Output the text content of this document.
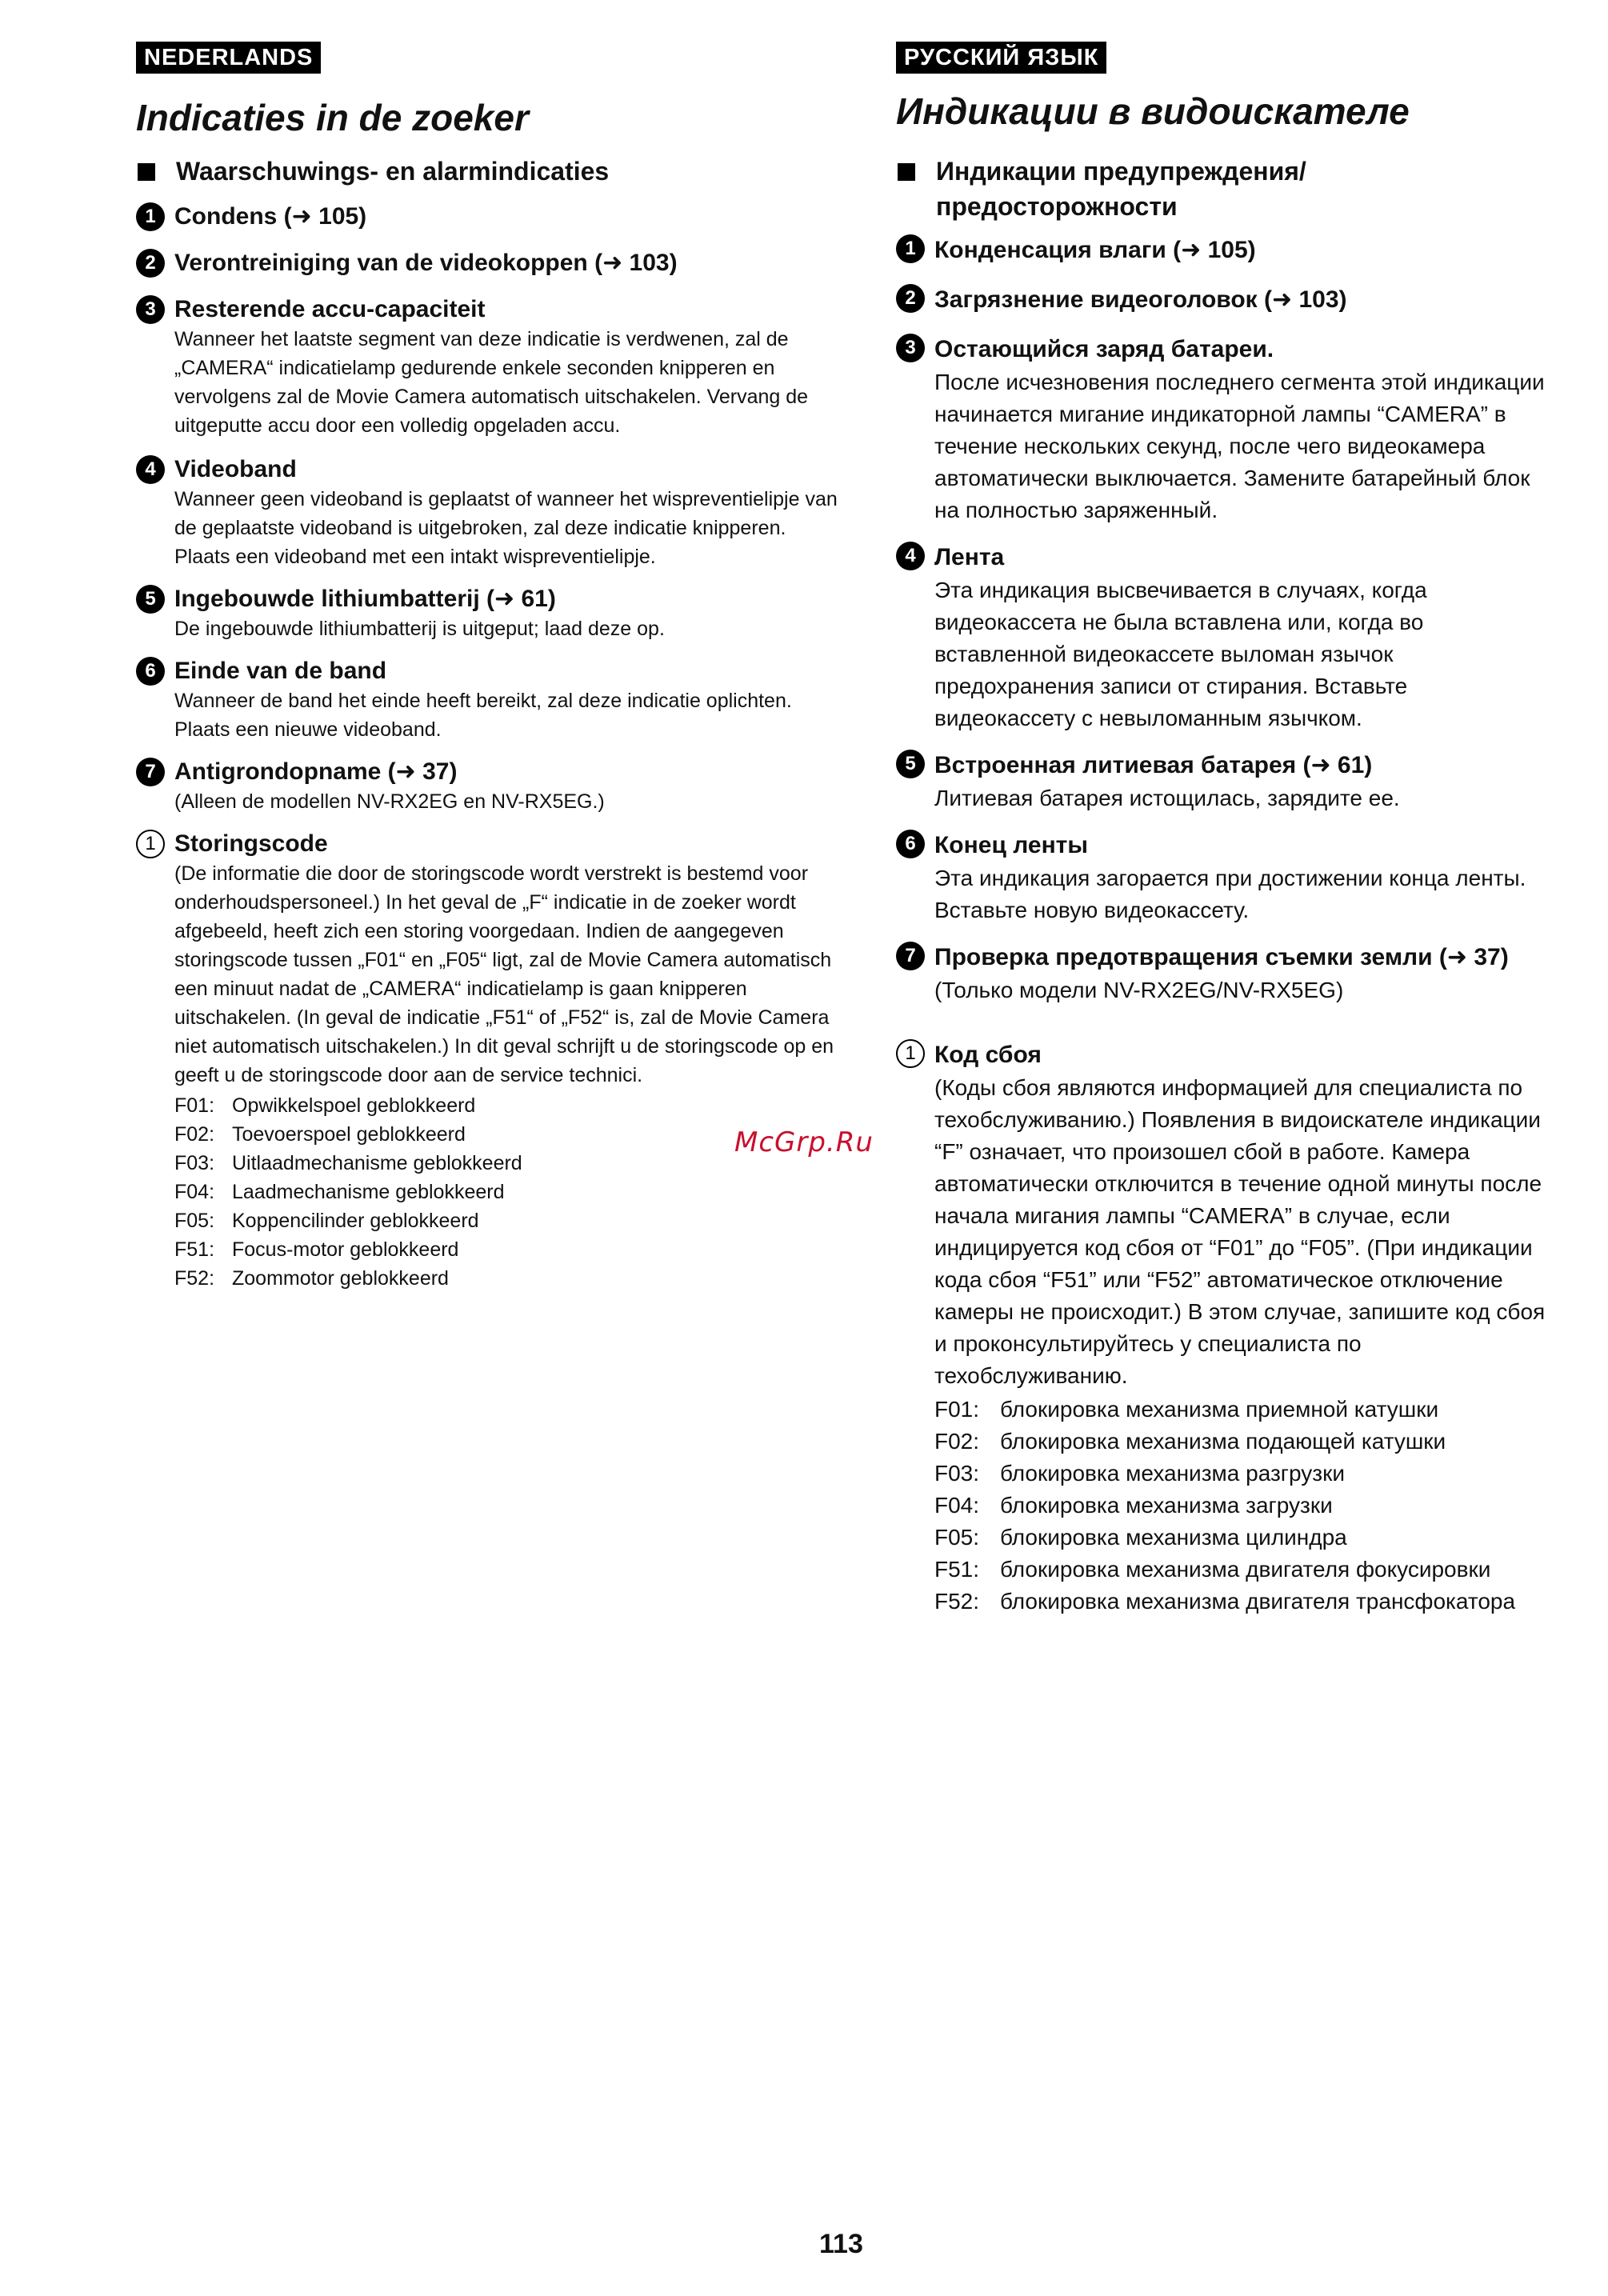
NEDERLANDS
Indicaties in de zoeker
Waarschuwings- en alarmindicaties
1 Condens (➜ 105)
2 Verontreiniging van de videokoppen (➜ 103)
3 Resterende accu-capaciteit
Wanneer het laatste segment van deze indicatie is verdwenen, zal de „CAMERA“ indicatielamp gedurende enkele seconden knipperen en vervolgens zal de Movie Camera automatisch uitschakelen. Vervang de uitgeputte accu door een volledig opgeladen accu.
4 Videoband
Wanneer geen videoband is geplaatst of wanneer het wispreventielipje van de geplaatste videoband is uitgebroken, zal deze indicatie knipperen. Plaats een videoband met een intakt wispreventielipje.
5 Ingebouwde lithiumbatterij (➜ 61)
De ingebouwde lithiumbatterij is uitgeput; laad deze op.
6 Einde van de band
Wanneer de band het einde heeft bereikt, zal deze indicatie oplichten. Plaats een nieuwe videoband.
7 Antigrondopname (➜ 37)
(Alleen de modellen NV-RX2EG en NV-RX5EG.)
1 Storingscode
(De informatie die door de storingscode wordt verstrekt is bestemd voor onderhoudspersoneel.) In het geval de „F“ indicatie in de zoeker wordt afgebeeld, heeft zich een storing voorgedaan. Indien de aangegeven storingscode tussen „F01“ en „F05“ ligt, zal de Movie Camera automatisch een minuut nadat de „CAMERA“ indicatielamp is gaan knipperen uitschakelen. (In geval de indicatie „F51“ of „F52“ is, zal de Movie Camera niet automatisch uitschakelen.) In dit geval schrijft u de storingscode op en geeft u de storingscode door aan de service technici.
F01: Opwikkelspoel geblokkeerd
F02: Toevoerspoel geblokkeerd
F03: Uitlaadmechanisme geblokkeerd
F04: Laadmechanisme geblokkeerd
F05: Koppencilinder geblokkeerd
F51: Focus-motor geblokkeerd
F52: Zoommotor geblokkeerd
РУССКИЙ ЯЗЫК
Индикации в видоискателе
Индикации предупреждения/ предосторожности
1 Конденсация влаги (➜ 105)
2 Загрязнение видеоголовок (➜ 103)
3 Остающийся заряд батареи.
После исчезновения последнего сегмента этой индикации начинается мигание индикаторной лампы “CAMERA” в течение нескольких секунд, после чего видеокамера автоматически выключается. Замените батарейный блок на полностью заряженный.
4 Лента
Эта индикация высвечивается в случаях, когда видеокассета не была вставлена или, когда во вставленной видеокассете выломан язычок предохранения записи от стирания. Вставьте видеокассету с невыломанным язычком.
5 Встроенная литиевая батарея (➜ 61)
Литиевая батарея истощилась, зарядите ее.
6 Конец ленты
Эта индикация загорается при достижении конца ленты. Вставьте новую видеокассету.
7 Проверка предотвращения съемки земли (➜ 37)
(Только модели NV-RX2EG/NV-RX5EG)
1 Код сбоя
(Коды сбоя являются информацией для специалиста по техобслуживанию.) Появления в видоискателе индикации “F” означает, что произошел сбой в работе. Камера автоматически отключится в течение одной минуты после начала мигания лампы “CAMERA” в случае, если индицируется код сбоя от “F01” до “F05”. (При индикации кода сбоя “F51” или “F52” автоматическое отключение камеры не происходит.) В этом случае, запишите код сбоя и проконсультируйтесь у специалиста по техобслуживанию.
F01: блокировка механизма приемной катушки
F02: блокировка механизма подающей катушки
F03: блокировка механизма разгрузки
F04: блокировка механизма загрузки
F05: блокировка механизма цилиндра
F51: блокировка механизма двигателя фокусировки
F52: блокировка механизма двигателя трансфокатора
McGrp.Ru
113
